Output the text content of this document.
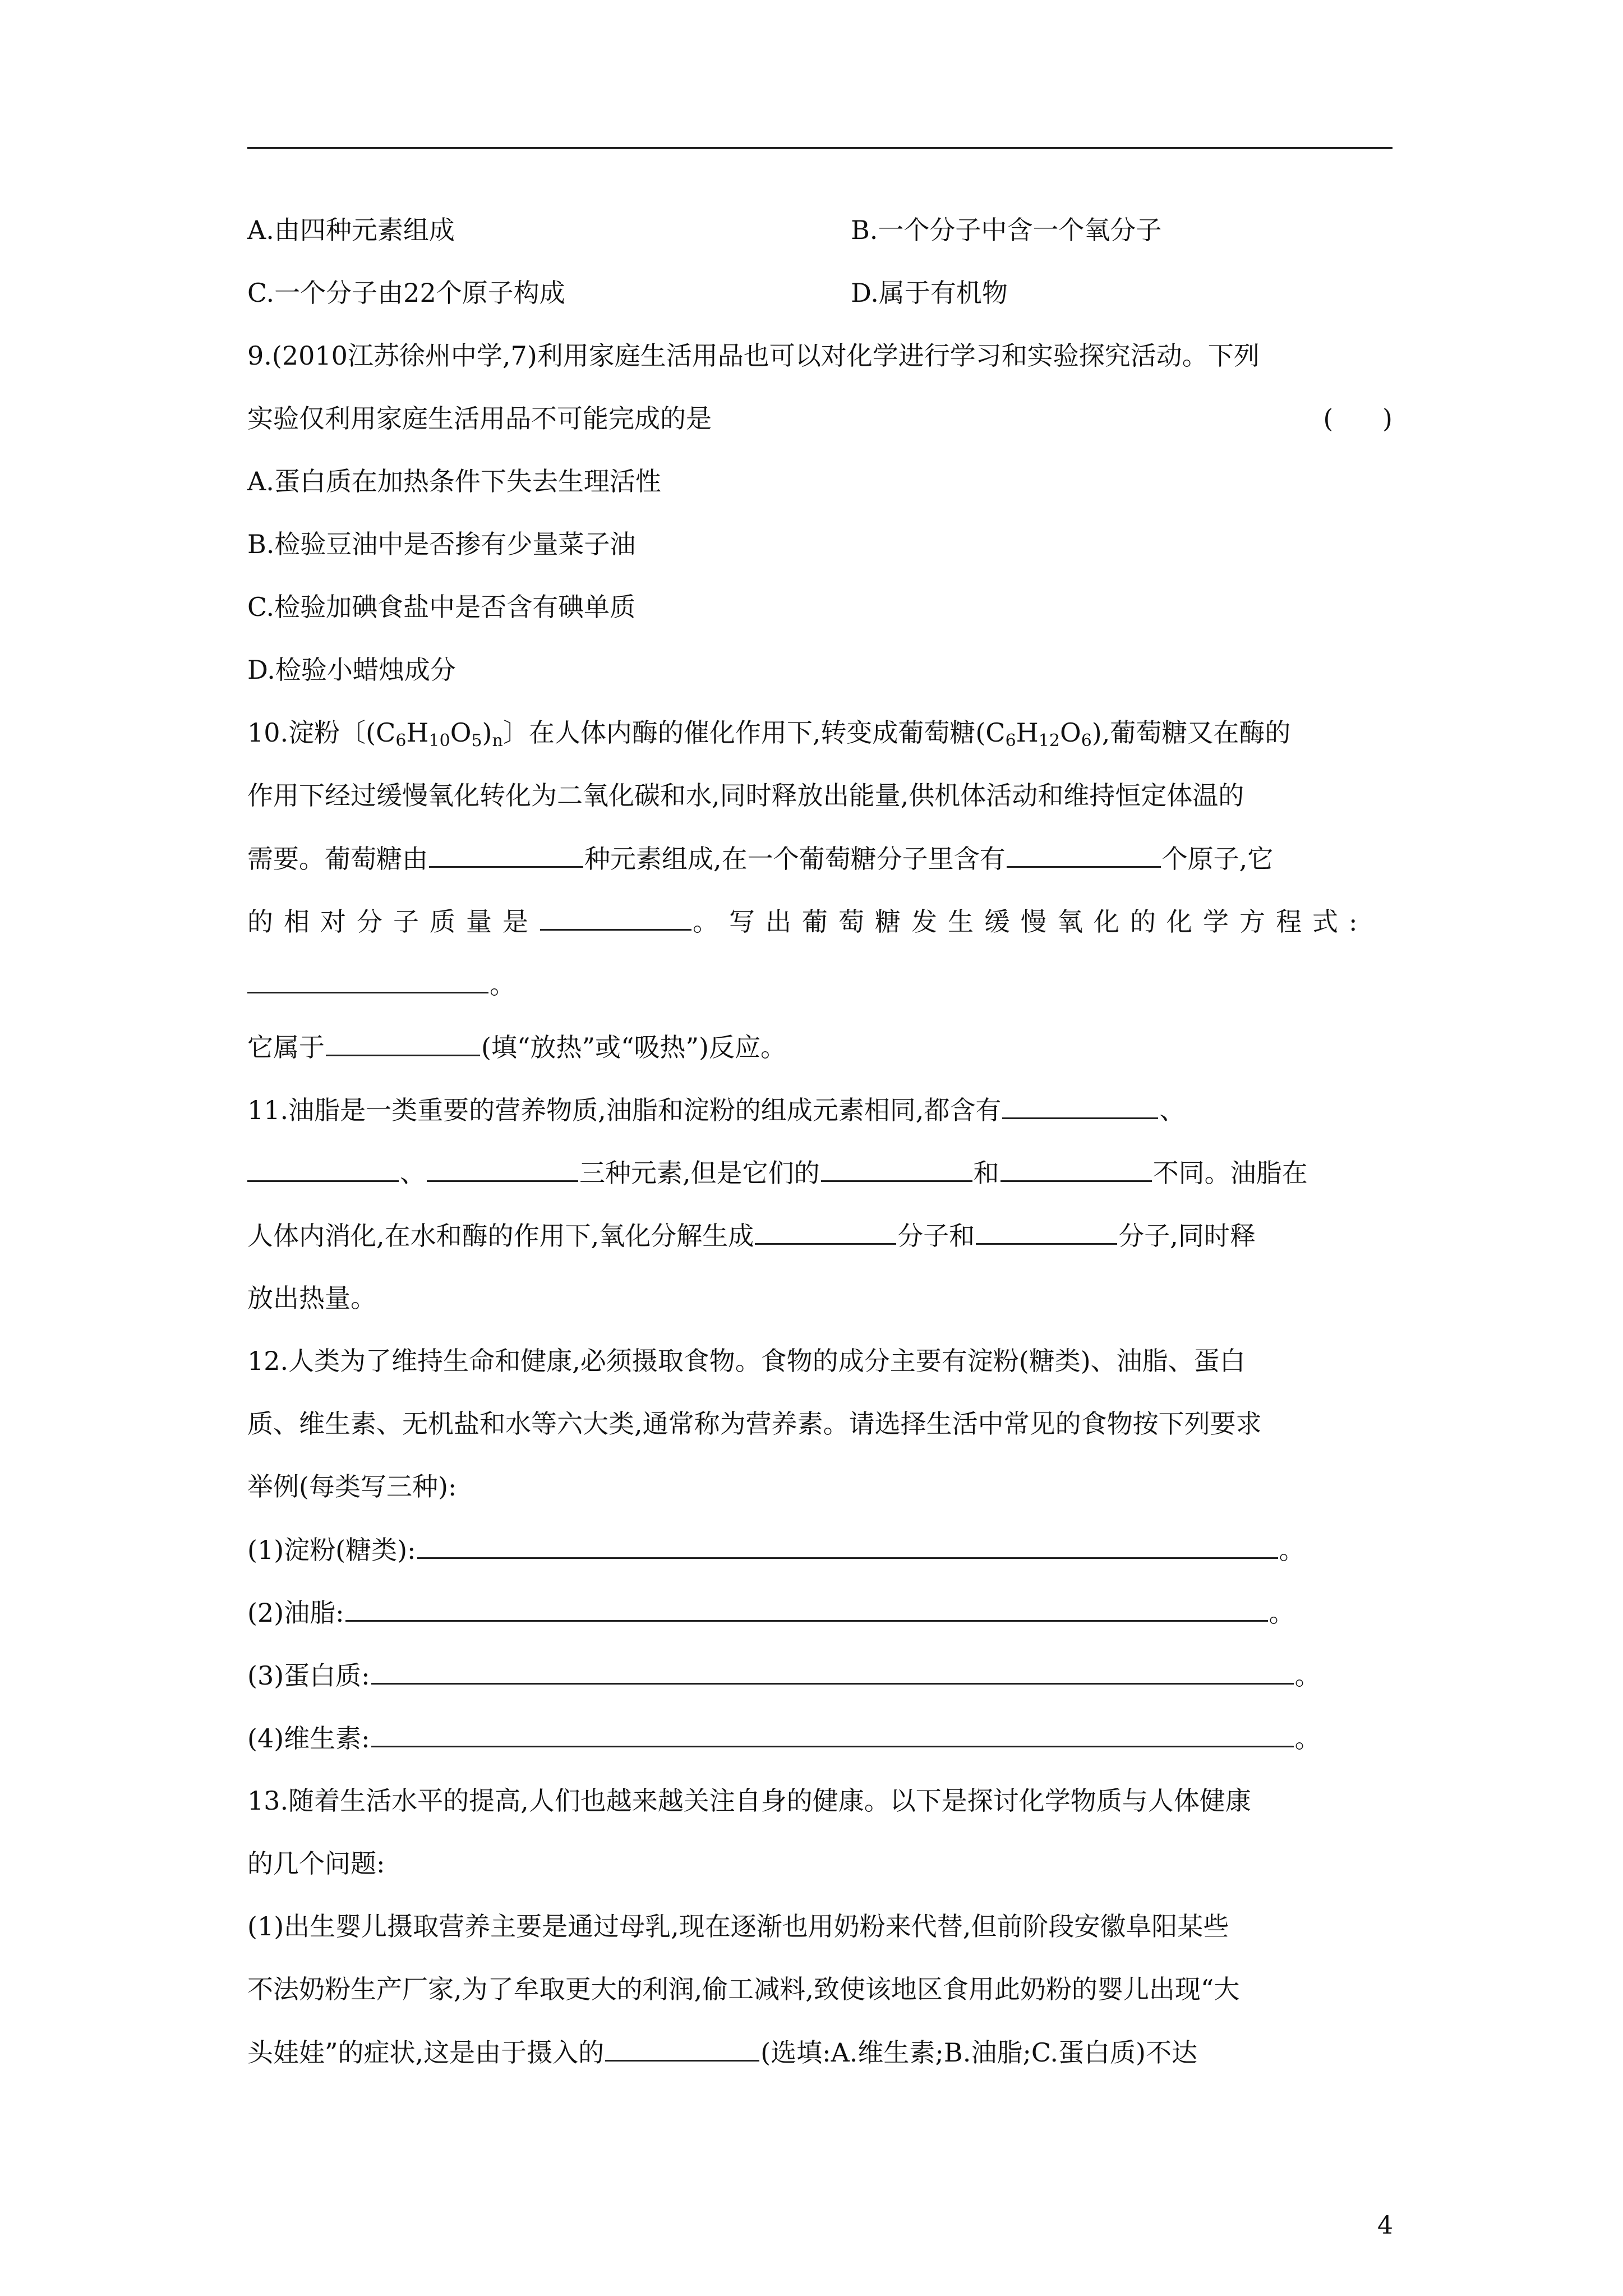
A.由四种元素组成	B.一个分子中含一个氧分子
C.一个分子由22个原子构成	D.属于有机物
9.(2010江苏徐州中学,7)利用家庭生活用品也可以对化学进行学习和实验探究活动。下列
实验仅利用家庭生活用品不可能完成的是	(      )
A.蛋白质在加热条件下失去生理活性
B.检验豆油中是否掺有少量菜子油
C.检验加碘食盐中是否含有碘单质
D.检验小蜡烛成分
10.淀粉〔$(C_6H_{10}O_5)_n$〕在人体内酶的催化作用下,转变成葡萄糖$(C_6H_{12}O_6)$,葡萄糖又在酶的
作用下经过缓慢氧化转化为二氧化碳和水,同时释放出能量,供机体活动和维持恒定体温的
需要。葡萄糖由	种元素组成,在一个葡萄糖分子里含有	个原子,它
的相对分子质量是	。写出葡萄糖发生缓慢氧化的化学方程式:
。
它属于	(填“放热”或“吸热”)反应。
11.油脂是一类重要的营养物质,油脂和淀粉的组成元素相同,都含有	、
、	三种元素,但是它们的	和	不同。油脂在
人体内消化,在水和酶的作用下,氧化分解生成	分子和	分子,同时释
放出热量。
12.人类为了维持生命和健康,必须摄取食物。食物的成分主要有淀粉(糖类)、油脂、蛋白
质、维生素、无机盐和水等六大类,通常称为营养素。请选择生活中常见的食物按下列要求
举例(每类写三种):
(1)淀粉(糖类):	。
(2)油脂:	。
(3)蛋白质:	。
(4)维生素:	。
13.随着生活水平的提高,人们也越来越关注自身的健康。以下是探讨化学物质与人体健康
的几个问题:
(1)出生婴儿摄取营养主要是通过母乳,现在逐渐也用奶粉来代替,但前阶段安徽阜阳某些
不法奶粉生产厂家,为了牟取更大的利润,偷工减料,致使该地区食用此奶粉的婴儿出现“大
头娃娃”的症状,这是由于摄入的	(选填:A.维生素;B.油脂;C.蛋白质)不达
4
